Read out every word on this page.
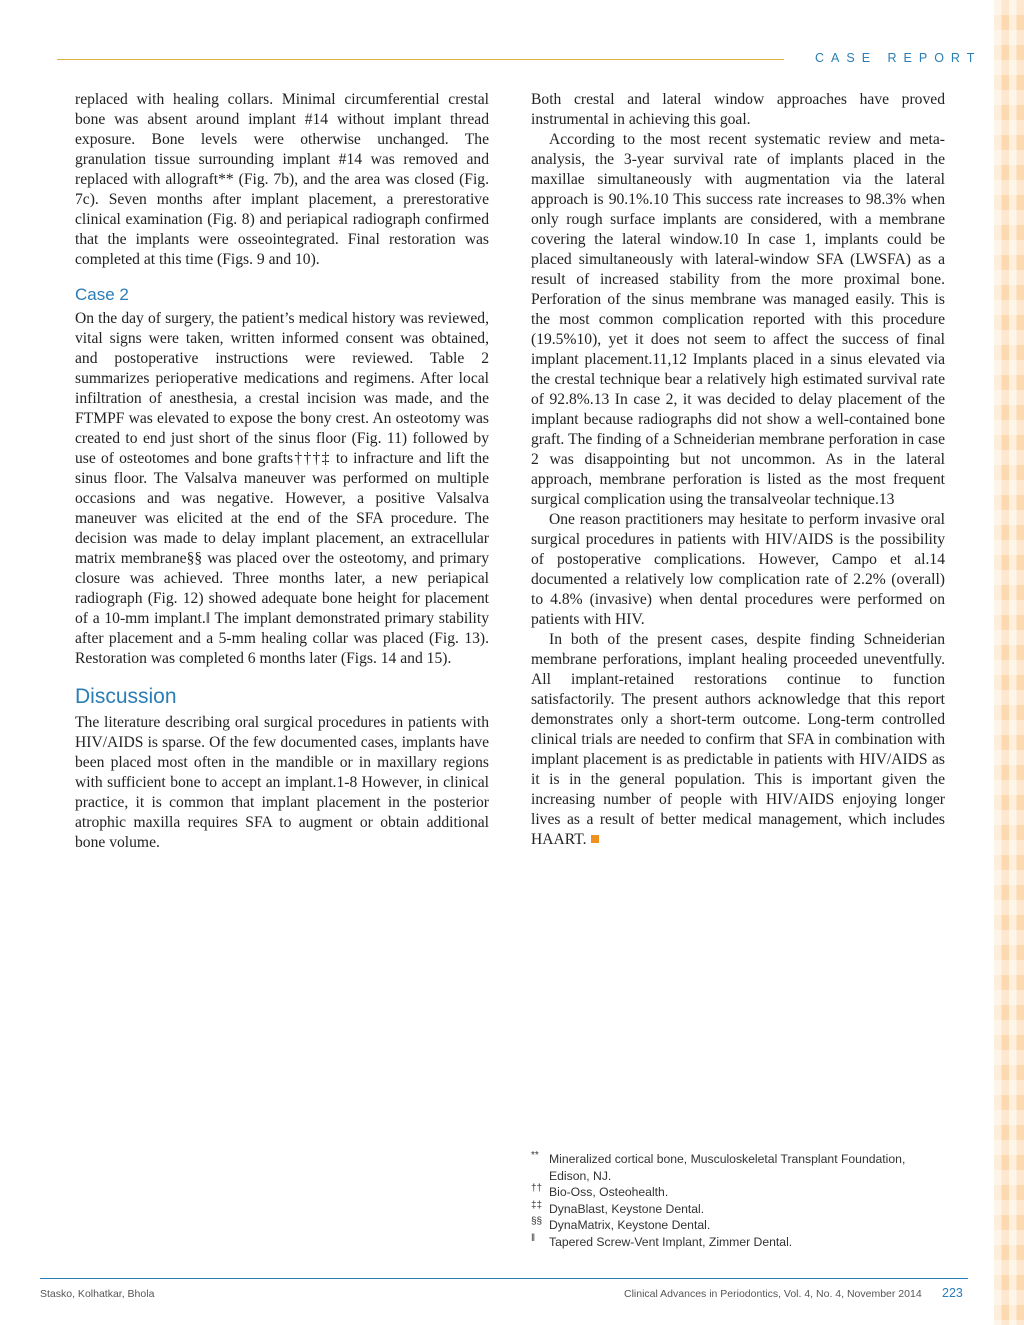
CASE REPORT

replaced with healing collars. Minimal circumferential crestal bone was absent around implant #14 without implant thread exposure. Bone levels were otherwise unchanged. The granulation tissue surrounding implant #14 was removed and replaced with allograft** (Fig. 7b), and the area was closed (Fig. 7c). Seven months after implant placement, a prerestorative clinical examination (Fig. 8) and periapical radiograph confirmed that the implants were osseointegrated. Final restoration was completed at this time (Figs. 9 and 10).

Case 2

On the day of surgery, the patient’s medical history was reviewed, vital signs were taken, written informed consent was obtained, and postoperative instructions were reviewed. Table 2 summarizes perioperative medications and regimens. After local infiltration of anesthesia, a crestal incision was made, and the FTMPF was elevated to expose the bony crest. An osteotomy was created to end just short of the sinus floor (Fig. 11) followed by use of osteotomes and bone grafts†††‡ to infracture and lift the sinus floor. The Valsalva maneuver was performed on multiple occasions and was negative. However, a positive Valsalva maneuver was elicited at the end of the SFA procedure. The decision was made to delay implant placement, an extracellular matrix membrane§§ was placed over the osteotomy, and primary closure was achieved. Three months later, a new periapical radiograph (Fig. 12) showed adequate bone height for placement of a 10-mm implant.‖ The implant demonstrated primary stability after placement and a 5-mm healing collar was placed (Fig. 13). Restoration was completed 6 months later (Figs. 14 and 15).

Discussion

The literature describing oral surgical procedures in patients with HIV/AIDS is sparse. Of the few documented cases, implants have been placed most often in the mandible or in maxillary regions with sufficient bone to accept an implant.1-8 However, in clinical practice, it is common that implant placement in the posterior atrophic maxilla requires SFA to augment or obtain additional bone volume.

Both crestal and lateral window approaches have proved instrumental in achieving this goal.

According to the most recent systematic review and meta-analysis, the 3-year survival rate of implants placed in the maxillae simultaneously with augmentation via the lateral approach is 90.1%.10 This success rate increases to 98.3% when only rough surface implants are considered, with a membrane covering the lateral window.10 In case 1, implants could be placed simultaneously with lateral-window SFA (LWSFA) as a result of increased stability from the more proximal bone. Perforation of the sinus membrane was managed easily. This is the most common complication reported with this procedure (19.5%10), yet it does not seem to affect the success of final implant placement.11,12 Implants placed in a sinus elevated via the crestal technique bear a relatively high estimated survival rate of 92.8%.13 In case 2, it was decided to delay placement of the implant because radiographs did not show a well-contained bone graft. The finding of a Schneiderian membrane perforation in case 2 was disappointing but not uncommon. As in the lateral approach, membrane perforation is listed as the most frequent surgical complication using the transalveolar technique.13

One reason practitioners may hesitate to perform invasive oral surgical procedures in patients with HIV/AIDS is the possibility of postoperative complications. However, Campo et al.14 documented a relatively low complication rate of 2.2% (overall) to 4.8% (invasive) when dental procedures were performed on patients with HIV.

In both of the present cases, despite finding Schneiderian membrane perforations, implant healing proceeded uneventfully. All implant-retained restorations continue to function satisfactorily. The present authors acknowledge that this report demonstrates only a short-term outcome. Long-term controlled clinical trials are needed to confirm that SFA in combination with implant placement is as predictable in patients with HIV/AIDS as it is in the general population. This is important given the increasing number of people with HIV/AIDS enjoying longer lives as a result of better medical management, which includes HAART.

** Mineralized cortical bone, Musculoskeletal Transplant Foundation, Edison, NJ.
†† Bio-Oss, Osteohealth.
‡‡ DynaBlast, Keystone Dental.
§§ DynaMatrix, Keystone Dental.
‖ Tapered Screw-Vent Implant, Zimmer Dental.
Stasko, Kolhatkar, Bhola	Clinical Advances in Periodontics, Vol. 4, No. 4, November 2014 223
